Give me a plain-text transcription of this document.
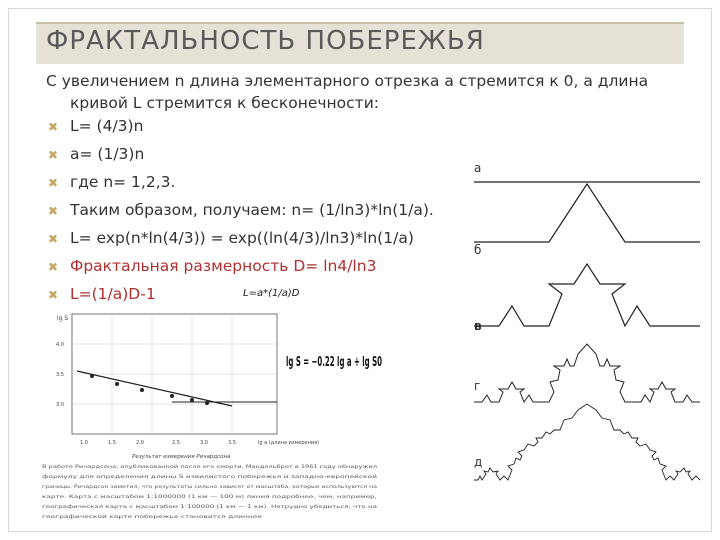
ФРАКТАЛЬНОСТЬ ПОБЕРЕЖЬЯ
С увеличением n длина элементарного отрезка a стремится к 0, а длина
кривой L стремится к бесконечности:
✖ L= (4/3)n
✖ a= (1/3)n
✖ где n= 1,2,3.
✖ Таким образом, получаем: n= (1/ln3)*ln(1/a).
✖ L= exp(n*ln(4/3)) = exp((ln(4/3)/ln3)*ln(1/a)
✖ Фрактальная размерность D= ln4/ln3
✖ L=(1/a)D-1	L=a*(1/a)D
lg S
4.0
3.5
3.0
1.0	1.5	2.0	2.5	3.0	3.5	lg a (длина измерения)
lg S = −0.22 lg a + lg S0
Результат измерения Ричардсона
В работе Ричардсона, опубликованной после его смерти, Мандельброт в 1961 году обнаружил
формулу для определения длины S извилистого побережья и западно-европейской
границы. Ричардсон заметил, что результаты сильно зависят от масштаба, которые используются на
карте. Карта с масштабом 1:1000000 (1 км — 100 м) линия подробнее, чем, например,
географическая карта с масштабом 1:100000 (1 км — 1 км). Нетрудно убедиться, что на
географической карте побережье становится длиннее
а
б
в
г
д
